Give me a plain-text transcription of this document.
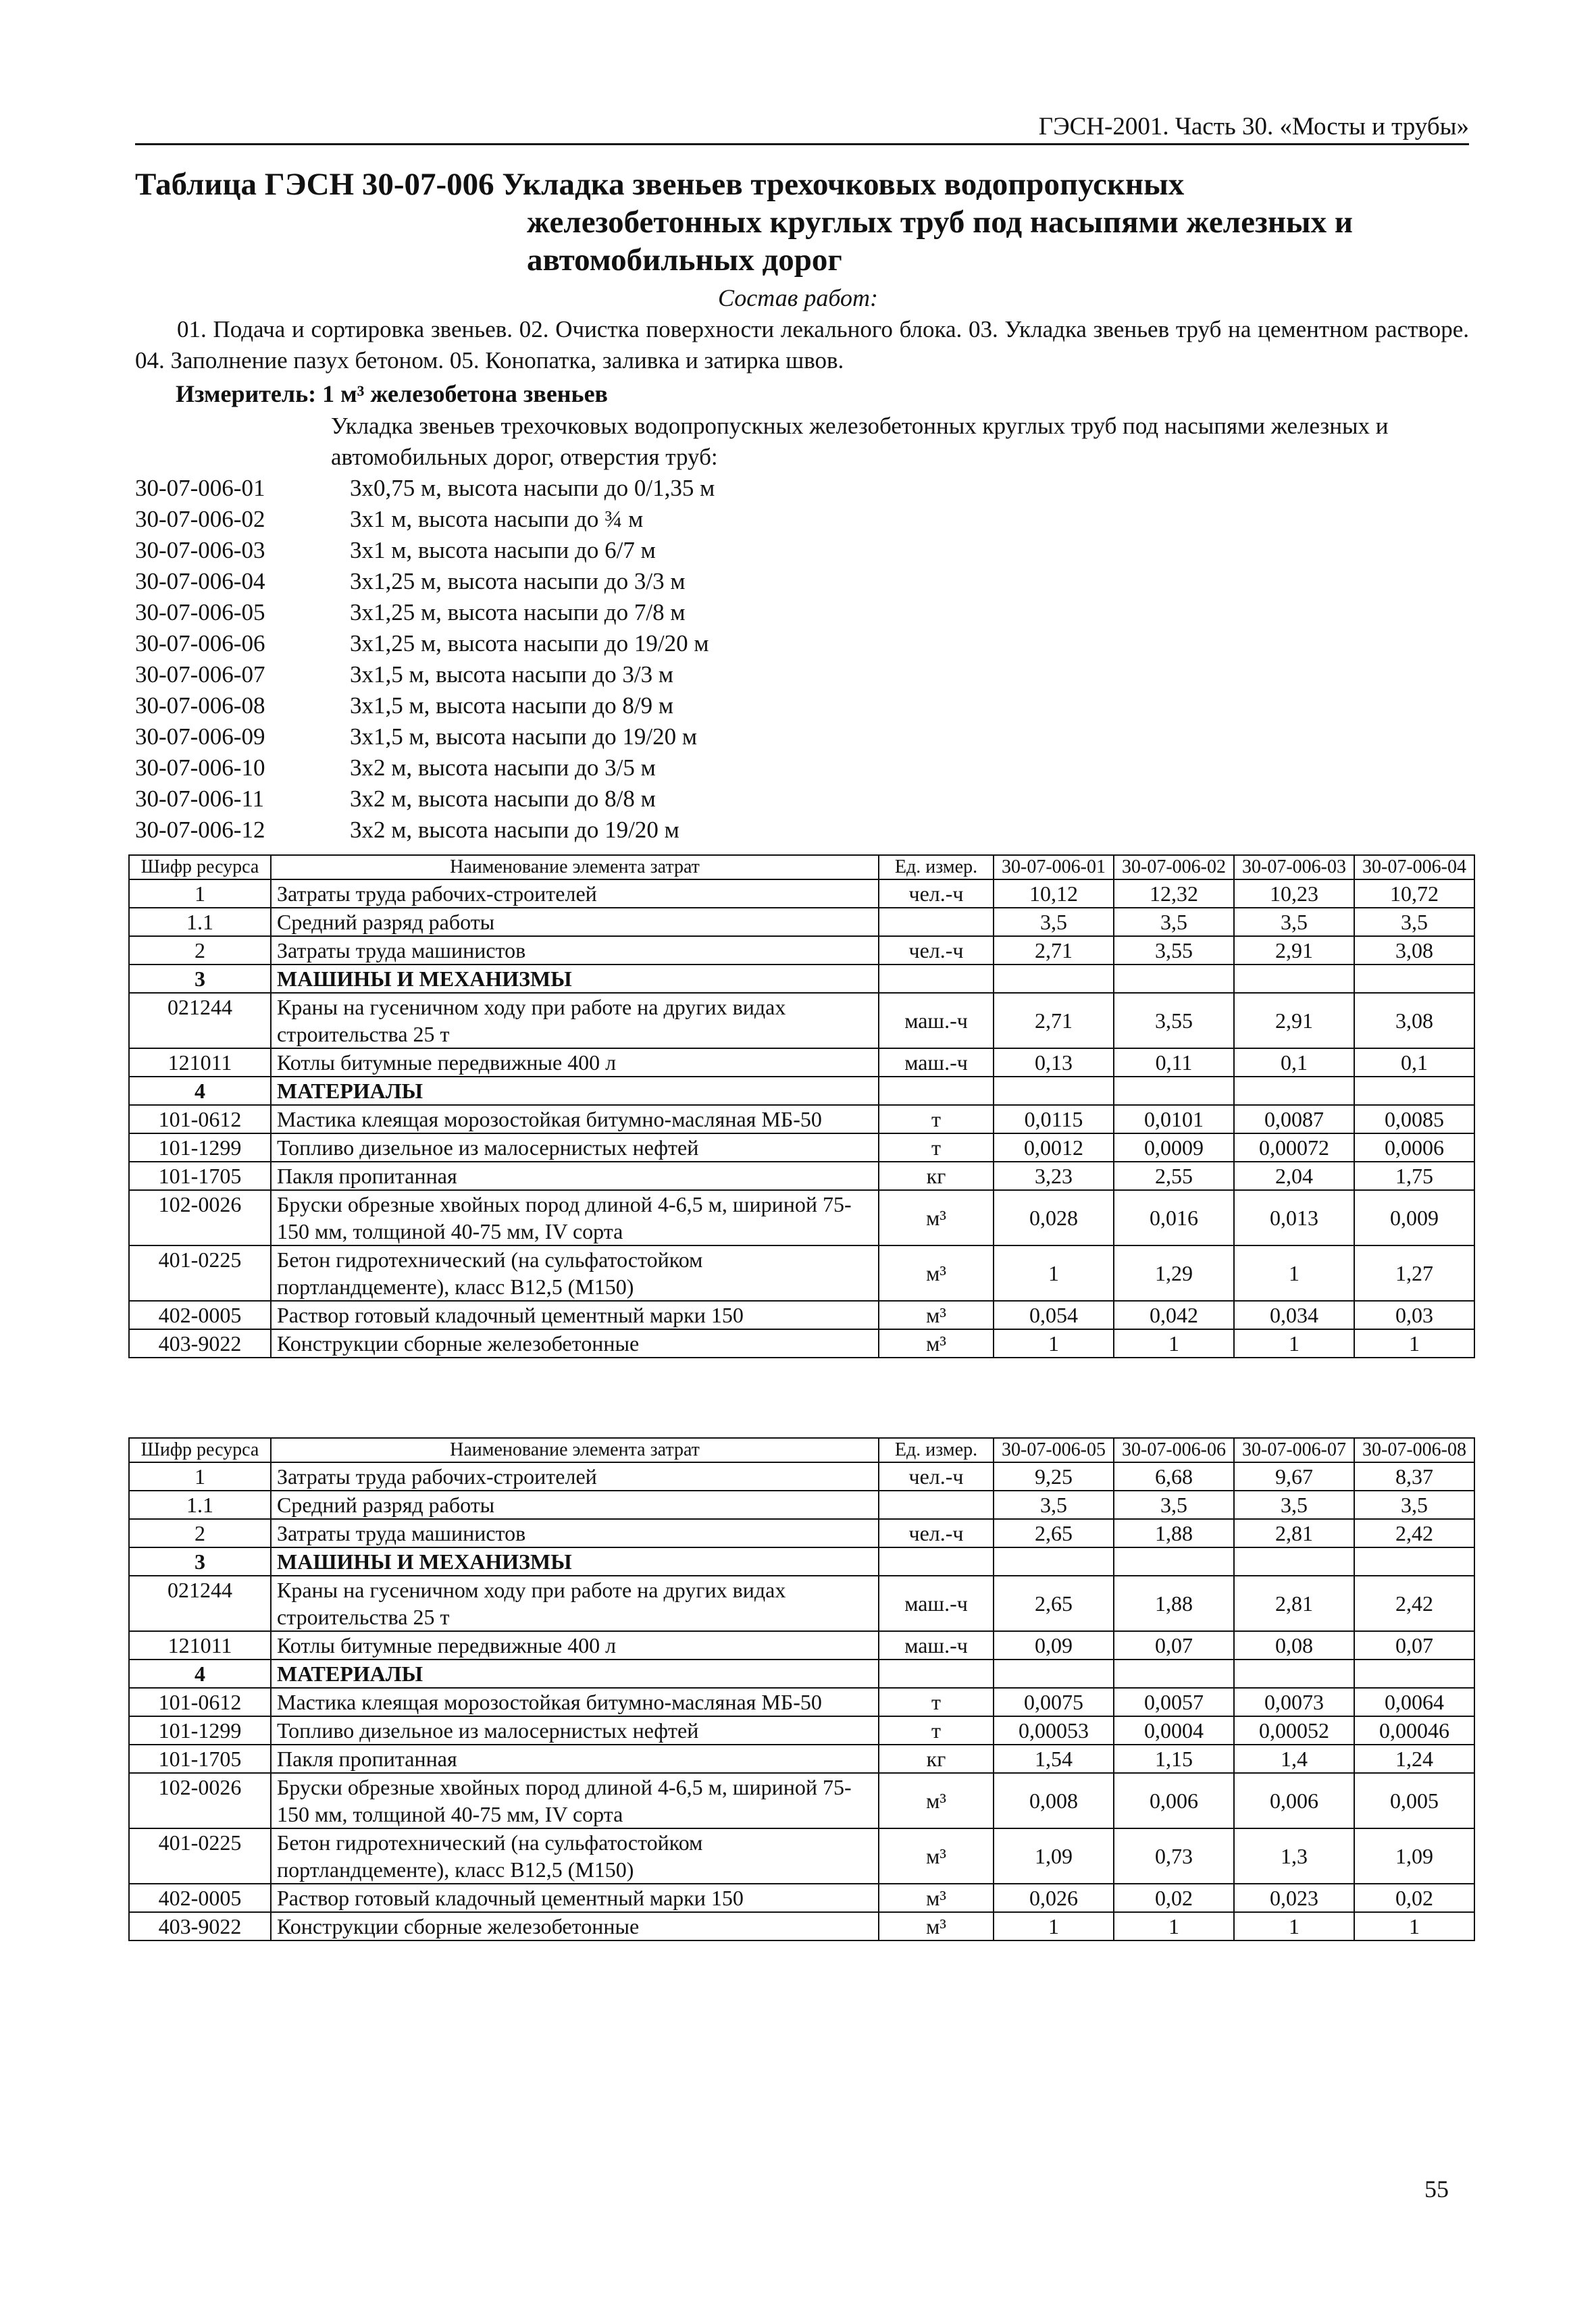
ГЭСН-2001. Часть 30. «Мосты и трубы»
Таблица ГЭСН 30-07-006 Укладка звеньев трехочковых водопропускных
железобетонных круглых труб под насыпями железных и
автомобильных дорог
Состав работ:
01. Подача и сортировка звеньев. 02. Очистка поверхности лекального блока. 03. Укладка звеньев труб на цементном растворе. 04. Заполнение пазух бетоном. 05. Конопатка, заливка и затирка швов.
Измеритель: 1 м³ железобетона звеньев
Укладка звеньев трехочковых водопропускных железобетонных круглых труб под насыпями железных и автомобильных дорог, отверстия труб:
30-07-006-01	3х0,75 м, высота насыпи до 0/1,35 м
30-07-006-02	3х1 м, высота насыпи до ¾ м
30-07-006-03	3х1 м, высота насыпи до 6/7 м
30-07-006-04	3х1,25 м, высота насыпи до 3/3 м
30-07-006-05	3х1,25 м, высота насыпи до 7/8 м
30-07-006-06	3х1,25 м, высота насыпи до 19/20 м
30-07-006-07	3х1,5 м, высота насыпи до 3/3 м
30-07-006-08	3х1,5 м, высота насыпи до 8/9 м
30-07-006-09	3х1,5 м, высота насыпи до 19/20 м
30-07-006-10	3х2 м, высота насыпи до 3/5 м
30-07-006-11	3х2 м, высота насыпи до 8/8 м
30-07-006-12	3х2 м, высота насыпи до 19/20 м
Шифр ресурса	Наименование элемента затрат	Ед. измер.	30-07-006-01	30-07-006-02	30-07-006-03	30-07-006-04
1	Затраты труда рабочих-строителей	чел.-ч	10,12	12,32	10,23	10,72
1.1	Средний разряд работы		3,5	3,5	3,5	3,5
2	Затраты труда машинистов	чел.-ч	2,71	3,55	2,91	3,08
3	МАШИНЫ И МЕХАНИЗМЫ					
021244	Краны на гусеничном ходу при работе на других видах строительства 25 т	маш.-ч	2,71	3,55	2,91	3,08
121011	Котлы битумные передвижные 400 л	маш.-ч	0,13	0,11	0,1	0,1
4	МАТЕРИАЛЫ					
101-0612	Мастика клеящая морозостойкая битумно-масляная МБ-50	т	0,0115	0,0101	0,0087	0,0085
101-1299	Топливо дизельное из малосернистых нефтей	т	0,0012	0,0009	0,00072	0,0006
101-1705	Пакля пропитанная	кг	3,23	2,55	2,04	1,75
102-0026	Бруски обрезные хвойных пород длиной 4-6,5 м, шириной 75-150 мм, толщиной 40-75 мм, IV сорта	м³	0,028	0,016	0,013	0,009
401-0225	Бетон гидротехнический (на сульфатостойком портландцементе), класс В12,5 (М150)	м³	1	1,29	1	1,27
402-0005	Раствор готовый кладочный цементный марки 150	м³	0,054	0,042	0,034	0,03
403-9022	Конструкции сборные железобетонные	м³	1	1	1	1
Шифр ресурса	Наименование элемента затрат	Ед. измер.	30-07-006-05	30-07-006-06	30-07-006-07	30-07-006-08
1	Затраты труда рабочих-строителей	чел.-ч	9,25	6,68	9,67	8,37
1.1	Средний разряд работы		3,5	3,5	3,5	3,5
2	Затраты труда машинистов	чел.-ч	2,65	1,88	2,81	2,42
3	МАШИНЫ И МЕХАНИЗМЫ					
021244	Краны на гусеничном ходу при работе на других видах строительства 25 т	маш.-ч	2,65	1,88	2,81	2,42
121011	Котлы битумные передвижные 400 л	маш.-ч	0,09	0,07	0,08	0,07
4	МАТЕРИАЛЫ					
101-0612	Мастика клеящая морозостойкая битумно-масляная МБ-50	т	0,0075	0,0057	0,0073	0,0064
101-1299	Топливо дизельное из малосернистых нефтей	т	0,00053	0,0004	0,00052	0,00046
101-1705	Пакля пропитанная	кг	1,54	1,15	1,4	1,24
102-0026	Бруски обрезные хвойных пород длиной 4-6,5 м, шириной 75-150 мм, толщиной 40-75 мм, IV сорта	м³	0,008	0,006	0,006	0,005
401-0225	Бетон гидротехнический (на сульфатостойком портландцементе), класс В12,5 (М150)	м³	1,09	0,73	1,3	1,09
402-0005	Раствор готовый кладочный цементный марки 150	м³	0,026	0,02	0,023	0,02
403-9022	Конструкции сборные железобетонные	м³	1	1	1	1
55
